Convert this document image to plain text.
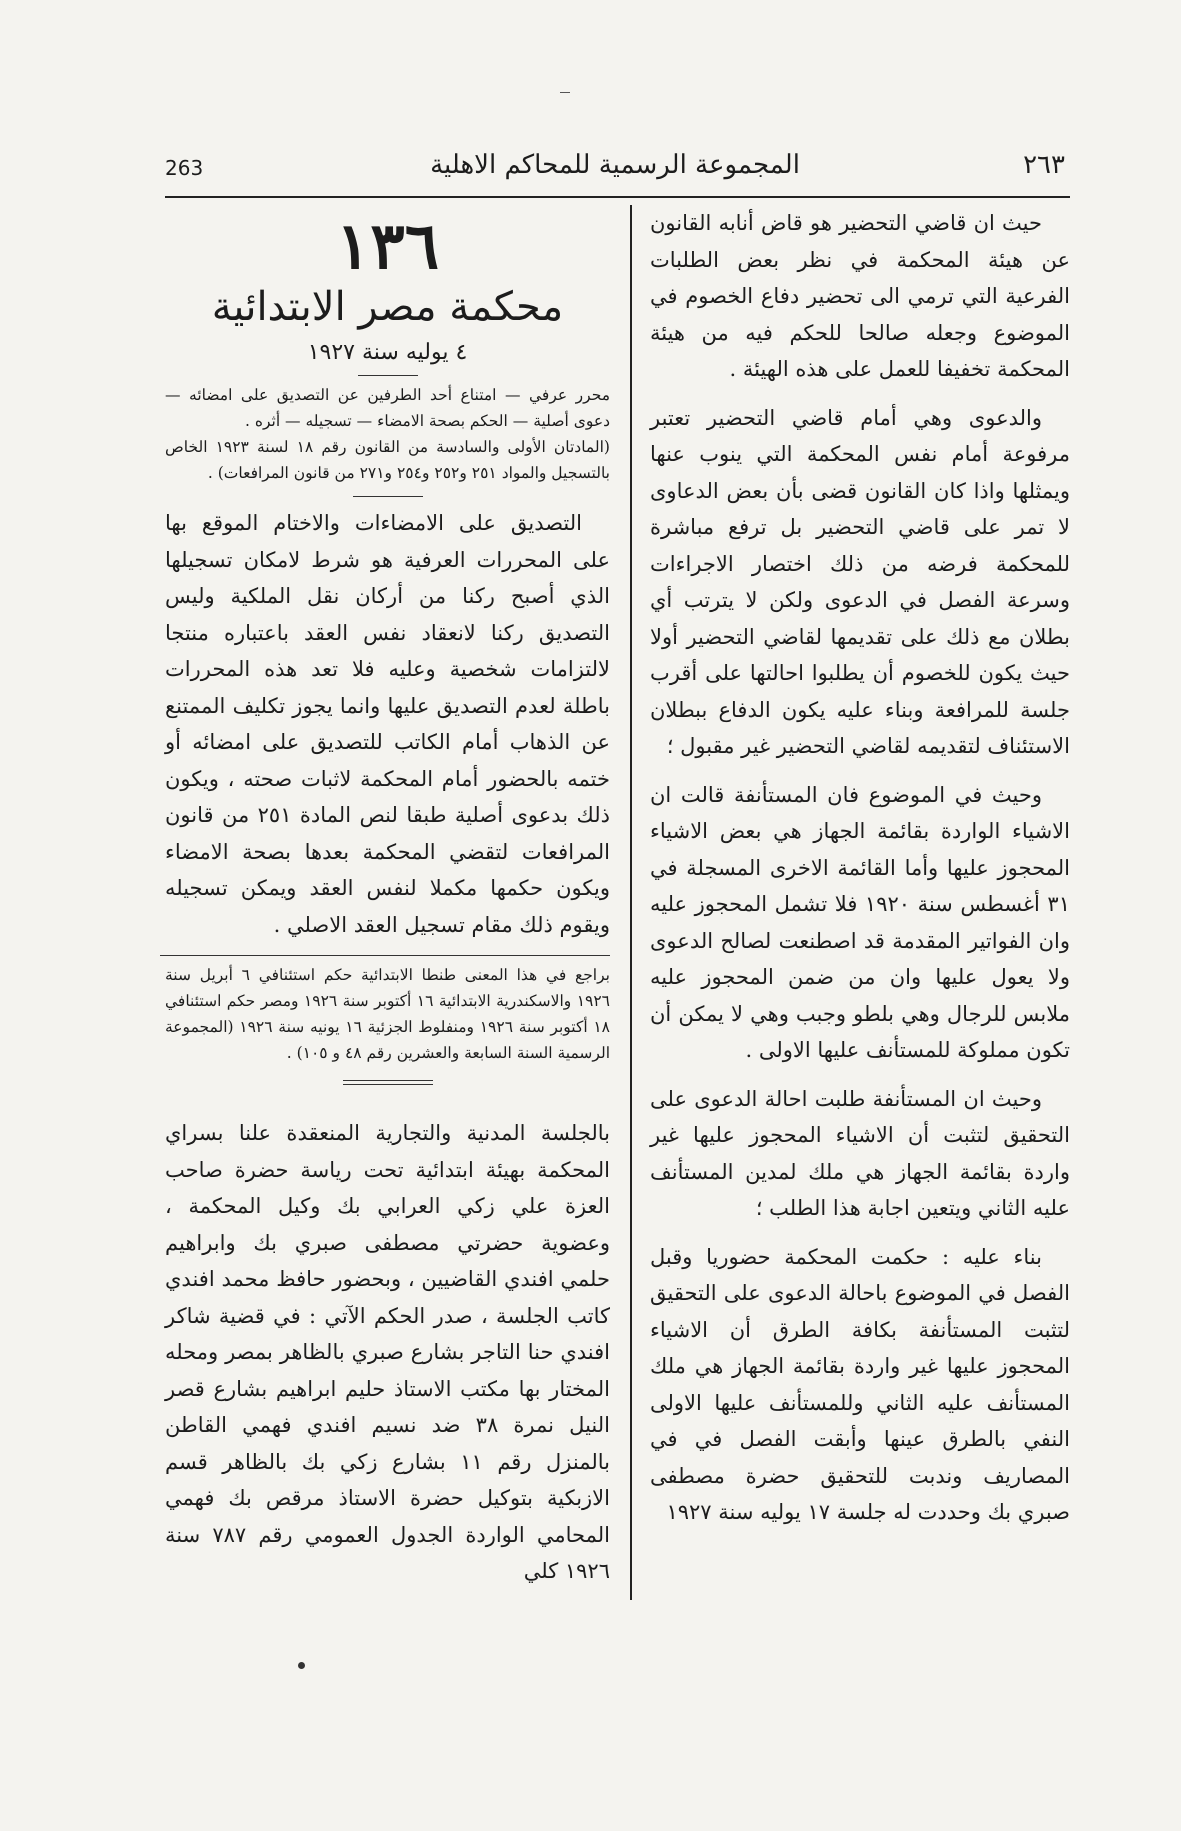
263	المجموعة الرسمية للمحاكم الاهلية	٢٦٣

حيث ان قاضي التحضير هو قاض أنابه القانون عن هيئة المحكمة في نظر بعض الطلبات الفرعية التي ترمي الى تحضير دفاع الخصوم في الموضوع وجعله صالحا للحكم فيه من هيئة المحكمة تخفيفا للعمل على هذه الهيئة .

والدعوى وهي أمام قاضي التحضير تعتبر مرفوعة أمام نفس المحكمة التي ينوب عنها ويمثلها واذا كان القانون قضى بأن بعض الدعاوى لا تمر على قاضي التحضير بل ترفع مباشرة للمحكمة فرضه من ذلك اختصار الاجراءات وسرعة الفصل في الدعوى ولكن لا يترتب أي بطلان مع ذلك على تقديمها لقاضي التحضير أولا حيث يكون للخصوم أن يطلبوا احالتها على أقرب جلسة للمرافعة وبناء عليه يكون الدفاع ببطلان الاستئناف لتقديمه لقاضي التحضير غير مقبول ؛

وحيث في الموضوع فان المستأنفة قالت ان الاشياء الواردة بقائمة الجهاز هي بعض الاشياء المحجوز عليها وأما القائمة الاخرى المسجلة في ٣١ أغسطس سنة ١٩٢٠ فلا تشمل المحجوز عليه وان الفواتير المقدمة قد اصطنعت لصالح الدعوى ولا يعول عليها وان من ضمن المحجوز عليه ملابس للرجال وهي بلطو وجبب وهي لا يمكن أن تكون مملوكة للمستأنف عليها الاولى .

وحيث ان المستأنفة طلبت احالة الدعوى على التحقيق لتثبت أن الاشياء المحجوز عليها غير واردة بقائمة الجهاز هي ملك لمدين المستأنف عليه الثاني ويتعين اجابة هذا الطلب ؛

بناء عليه : حكمت المحكمة حضوريا وقبل الفصل في الموضوع باحالة الدعوى على التحقيق لتثبت المستأنفة بكافة الطرق أن الاشياء المحجوز عليها غير واردة بقائمة الجهاز هي ملك المستأنف عليه الثاني وللمستأنف عليها الاولى النفي بالطرق عينها وأبقت الفصل في في المصاريف وندبت للتحقيق حضرة مصطفى صبري بك وحددت له جلسة ١٧ يوليه سنة ١٩٢٧

١٣٦
محكمة مصر الابتدائية
٤ يوليه سنة ١٩٢٧

محرر عرفي — امتناع أحد الطرفين عن التصديق على امضائه — دعوى أصلية — الحكم بصحة الامضاء — تسجيله — أثره .

(المادتان الأولى والسادسة من القانون رقم ١٨ لسنة ١٩٢٣ الخاص بالتسجيل والمواد ٢٥١ و٢٥٢ و٢٥٤ و٢٧١ من قانون المرافعات) .

التصديق على الامضاءات والاختام الموقع بها على المحررات العرفية هو شرط لامكان تسجيلها الذي أصبح ركنا من أركان نقل الملكية وليس التصديق ركنا لانعقاد نفس العقد باعتباره منتجا لالتزامات شخصية وعليه فلا تعد هذه المحررات باطلة لعدم التصديق عليها وانما يجوز تكليف الممتنع عن الذهاب أمام الكاتب للتصديق على امضائه أو ختمه بالحضور أمام المحكمة لاثبات صحته ، ويكون ذلك بدعوى أصلية طبقا لنص المادة ٢٥١ من قانون المرافعات لتقضي المحكمة بعدها بصحة الامضاء ويكون حكمها مكملا لنفس العقد ويمكن تسجيله ويقوم ذلك مقام تسجيل العقد الاصلي .

براجع في هذا المعنى طنطا الابتدائية حكم استئنافي ٦ أبريل سنة ١٩٢٦ والاسكندرية الابتدائية ١٦ أكتوبر سنة ١٩٢٦ ومصر حكم استئنافي ١٨ أكتوبر سنة ١٩٢٦ ومنفلوط الجزئية ١٦ يونيه سنة ١٩٢٦ (المجموعة الرسمية السنة السابعة والعشرين رقم ٤٨ و ١٠٥) .

بالجلسة المدنية والتجارية المنعقدة علنا بسراي المحكمة بهيئة ابتدائية تحت رياسة حضرة صاحب العزة علي زكي العرابي بك وكيل المحكمة ، وعضوية حضرتي مصطفى صبري بك وابراهيم حلمي افندي القاضيين ، وبحضور حافظ محمد افندي كاتب الجلسة ، صدر الحكم الآتي : في قضية شاكر افندي حنا التاجر بشارع صبري بالظاهر بمصر ومحله المختار بها مكتب الاستاذ حليم ابراهيم بشارع قصر النيل نمرة ٣٨ ضد نسيم افندي فهمي القاطن بالمنزل رقم ١١ بشارع زكي بك بالظاهر قسم الازبكية بتوكيل حضرة الاستاذ مرقص بك فهمي المحامي الواردة الجدول العمومي رقم ٧٨٧ سنة ١٩٢٦ كلي
